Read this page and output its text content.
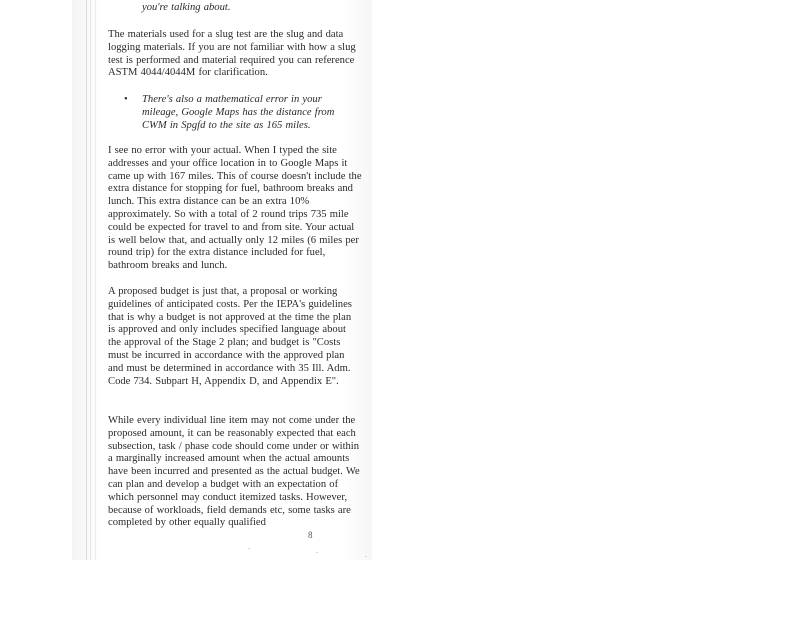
you're talking about.

The materials used for a slug test are the slug and data logging materials. If you are not familiar with how a slug test is performed and material required you can reference ASTM 4044/4044M for clarification.

•	There's also a mathematical error in your mileage, Google Maps has the distance from CWM in Spgfd to the site as 165 miles.

I see no error with your actual. When I typed the site addresses and your office location in to Google Maps it came up with 167 miles. This of course doesn't include the extra distance for stopping for fuel, bathroom breaks and lunch. This extra distance can be an extra 10% approximately. So with a total of 2 round trips 735 mile could be expected for travel to and from site. Your actual is well below that, and actually only 12 miles (6 miles per round trip) for the extra distance included for fuel, bathroom breaks and lunch.

A proposed budget is just that, a proposal or working guidelines of anticipated costs. Per the IEPA's guidelines that is why a budget is not approved at the time the plan is approved and only includes specified language about the approval of the Stage 2 plan; and budget is "Costs must be incurred in accordance with the approved plan and must be determined in accordance with 35 Ill. Adm. Code 734. Subpart H, Appendix D, and Appendix E".

While every individual line item may not come under the proposed amount, it can be reasonably expected that each subsection, task / phase code should come under or within a marginally increased amount when the actual amounts have been incurred and presented as the actual budget. We can plan and develop a budget with an expectation of which personnel may conduct itemized tasks. However, because of workloads, field demands etc, some tasks are completed by other equally qualified

8
